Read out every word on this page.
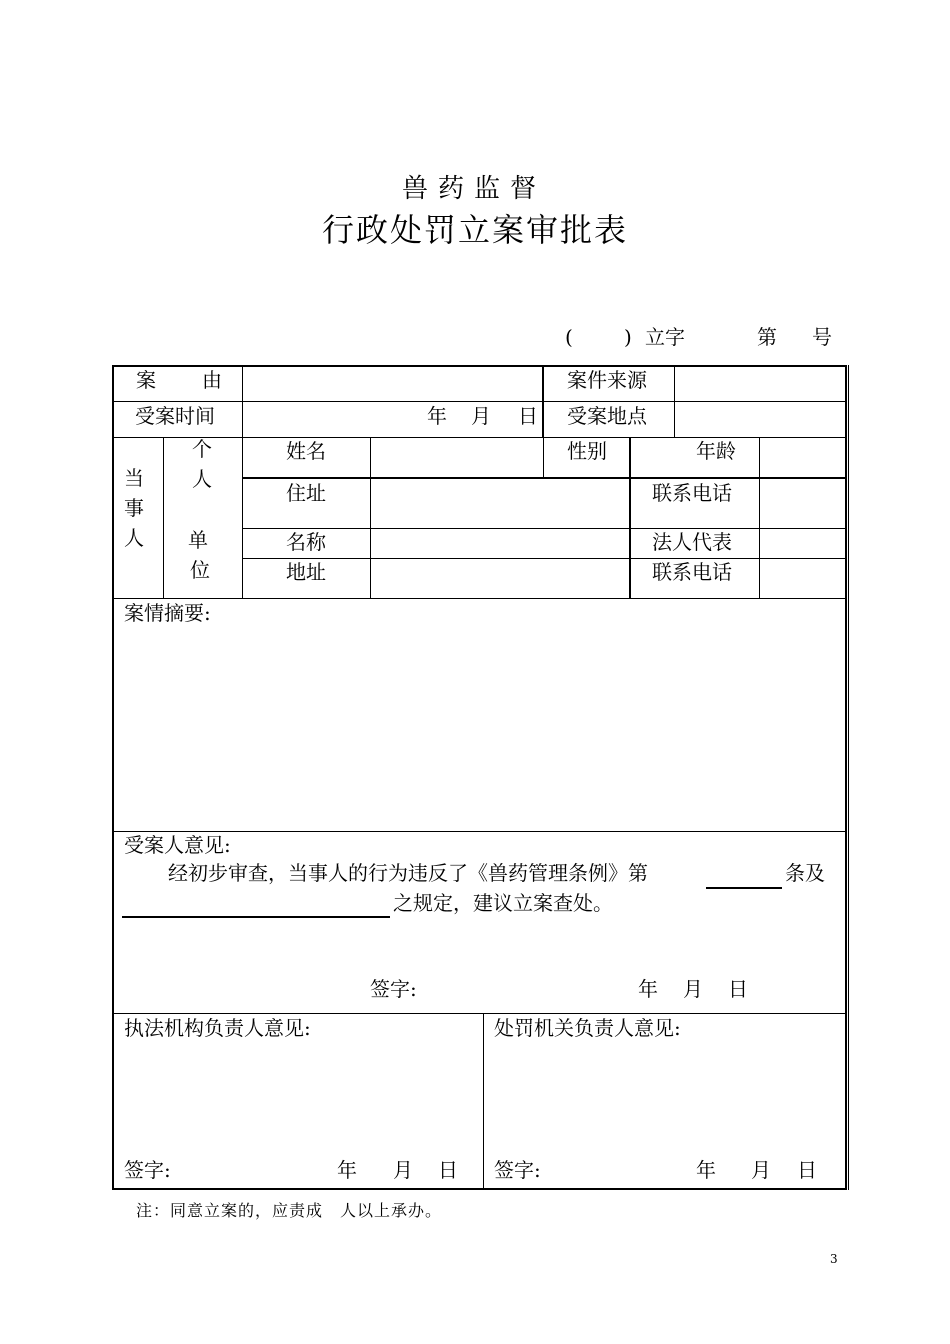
兽药监督
行政处罚立案审批表
(	) 立字	第 号
案 由	案件来源
受案时间	年 月 日 受案地点
当
事
人
个
人
单
位
姓名	性别	年龄
住址	联系电话
名称	法人代表
地址	联系电话
案情摘要:
受案人意见:
经初步审查，当事人的行为违反了《兽药管理条例》第	条及
之规定，建议立案查处。
签字:	年 月 日
执法机构负责人意见:
签字:	年 月 日
处罚机关负责人意见:
签字:	年 月 日
注：同意立案的，应责成　人以上承办。
3
